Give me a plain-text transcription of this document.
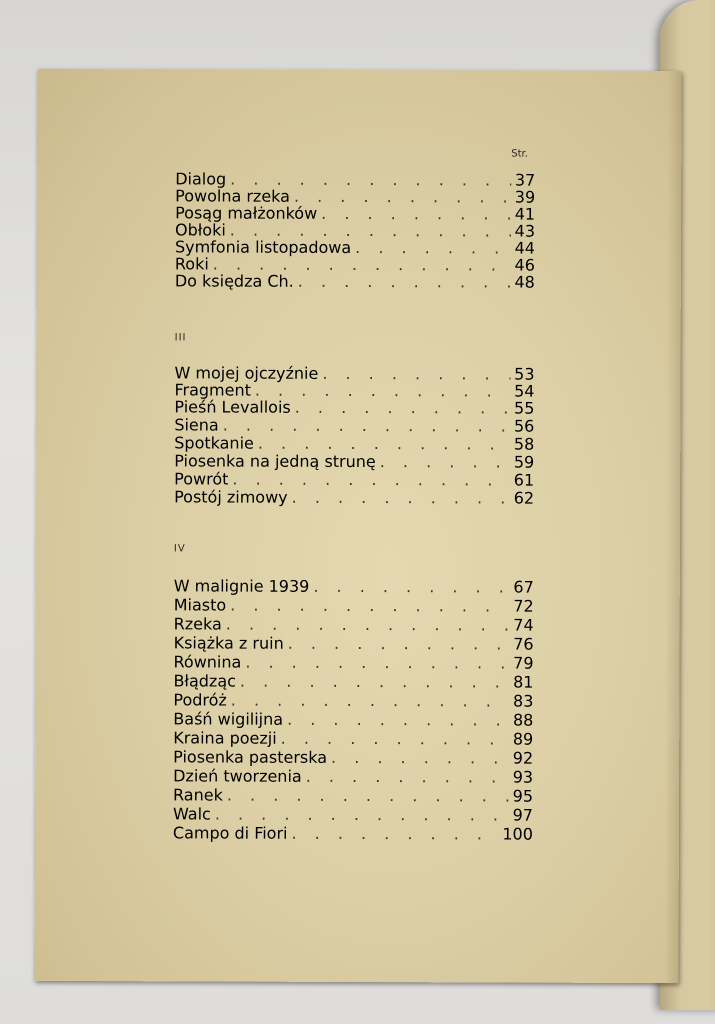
Str.
Dialog . . .	37
Powolna rzeka . . .	39
Posąg małżonków . . .	41
Obłoki . . .	43
Symfonia listopadowa . . .	44
Roki . . .	46
Do księdza Ch. . . .	48
III
W mojej ojczyźnie . . .	53
Fragment . . .	54
Pieśń Levallois . . .	55
Siena . . .	56
Spotkanie . . .	58
Piosenka na jedną strunę . . .	59
Powrót . . .	61
Postój zimowy . . .	62
IV
W malignie 1939 . . .	67
Miasto . . .	72
Rzeka . . .	74
Książka z ruin . . .	76
Równina . . .	79
Błądząc . . .	81
Podróż . . .	83
Baśń wigilijna . . .	88
Kraina poezji . . .	89
Piosenka pasterska . . .	92
Dzień tworzenia . . .	93
Ranek . . .	95
Walc . . .	97
Campo di Fiori . . .	100
